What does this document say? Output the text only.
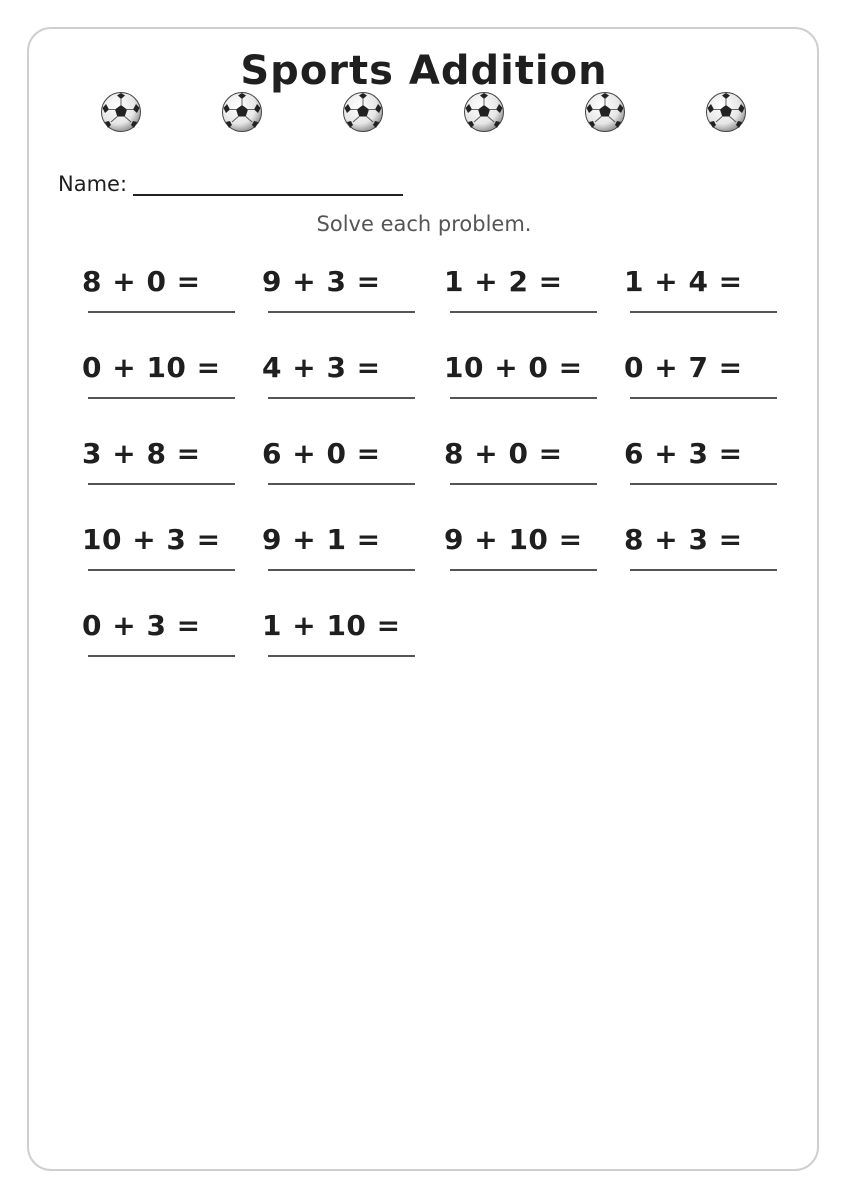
Sports Addition
Name:
Solve each problem.
8 + 0 = 9 + 3 = 1 + 2 = 1 + 4 =
0 + 10 = 4 + 3 = 10 + 0 = 0 + 7 =
3 + 8 = 6 + 0 = 8 + 0 = 6 + 3 =
10 + 3 = 9 + 1 = 9 + 10 = 8 + 3 =
0 + 3 = 1 + 10 =
